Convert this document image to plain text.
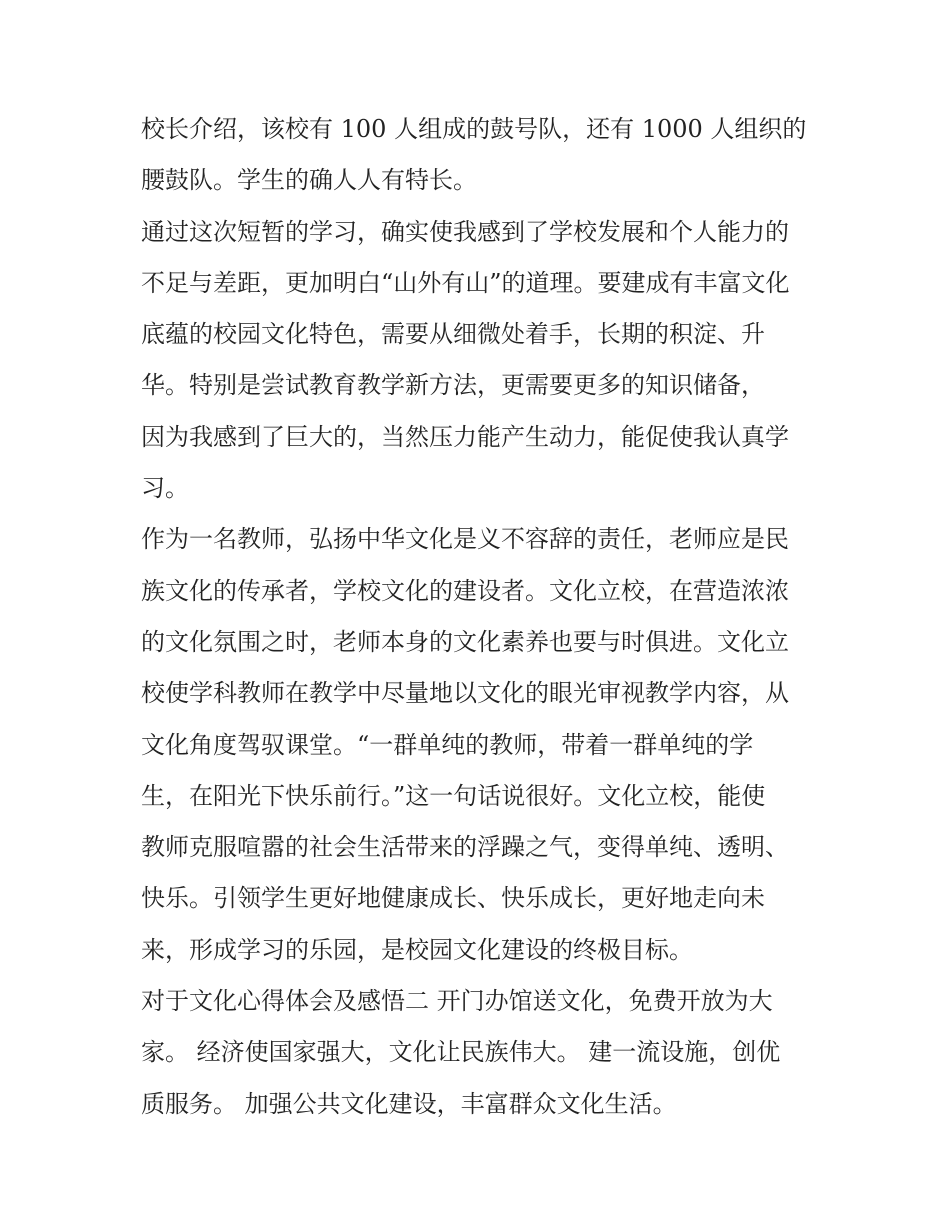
校长介绍，该校有 100 人组成的鼓号队，还有 1000 人组织的
腰鼓队。学生的确人人有特长。
通过这次短暂的学习，确实使我感到了学校发展和个人能力的
不足与差距，更加明白“山外有山”的道理。要建成有丰富文化
底蕴的校园文化特色，需要从细微处着手，长期的积淀、升
华。特别是尝试教育教学新方法，更需要更多的知识储备，
因为我感到了巨大的，当然压力能产生动力，能促使我认真学
习。
作为一名教师，弘扬中华文化是义不容辞的责任，老师应是民
族文化的传承者，学校文化的建设者。文化立校，在营造浓浓
的文化氛围之时，老师本身的文化素养也要与时俱进。文化立
校使学科教师在教学中尽量地以文化的眼光审视教学内容，从
文化角度驾驭课堂。“一群单纯的教师，带着一群单纯的学
生，在阳光下快乐前行。”这一句话说很好。文化立校，能使
教师克服喧嚣的社会生活带来的浮躁之气，变得单纯、透明、
快乐。引领学生更好地健康成长、快乐成长，更好地走向未
来，形成学习的乐园，是校园文化建设的终极目标。
对于文化心得体会及感悟二 开门办馆送文化，免费开放为大
家。 经济使国家强大，文化让民族伟大。 建一流设施，创优
质服务。 加强公共文化建设，丰富群众文化生活。
